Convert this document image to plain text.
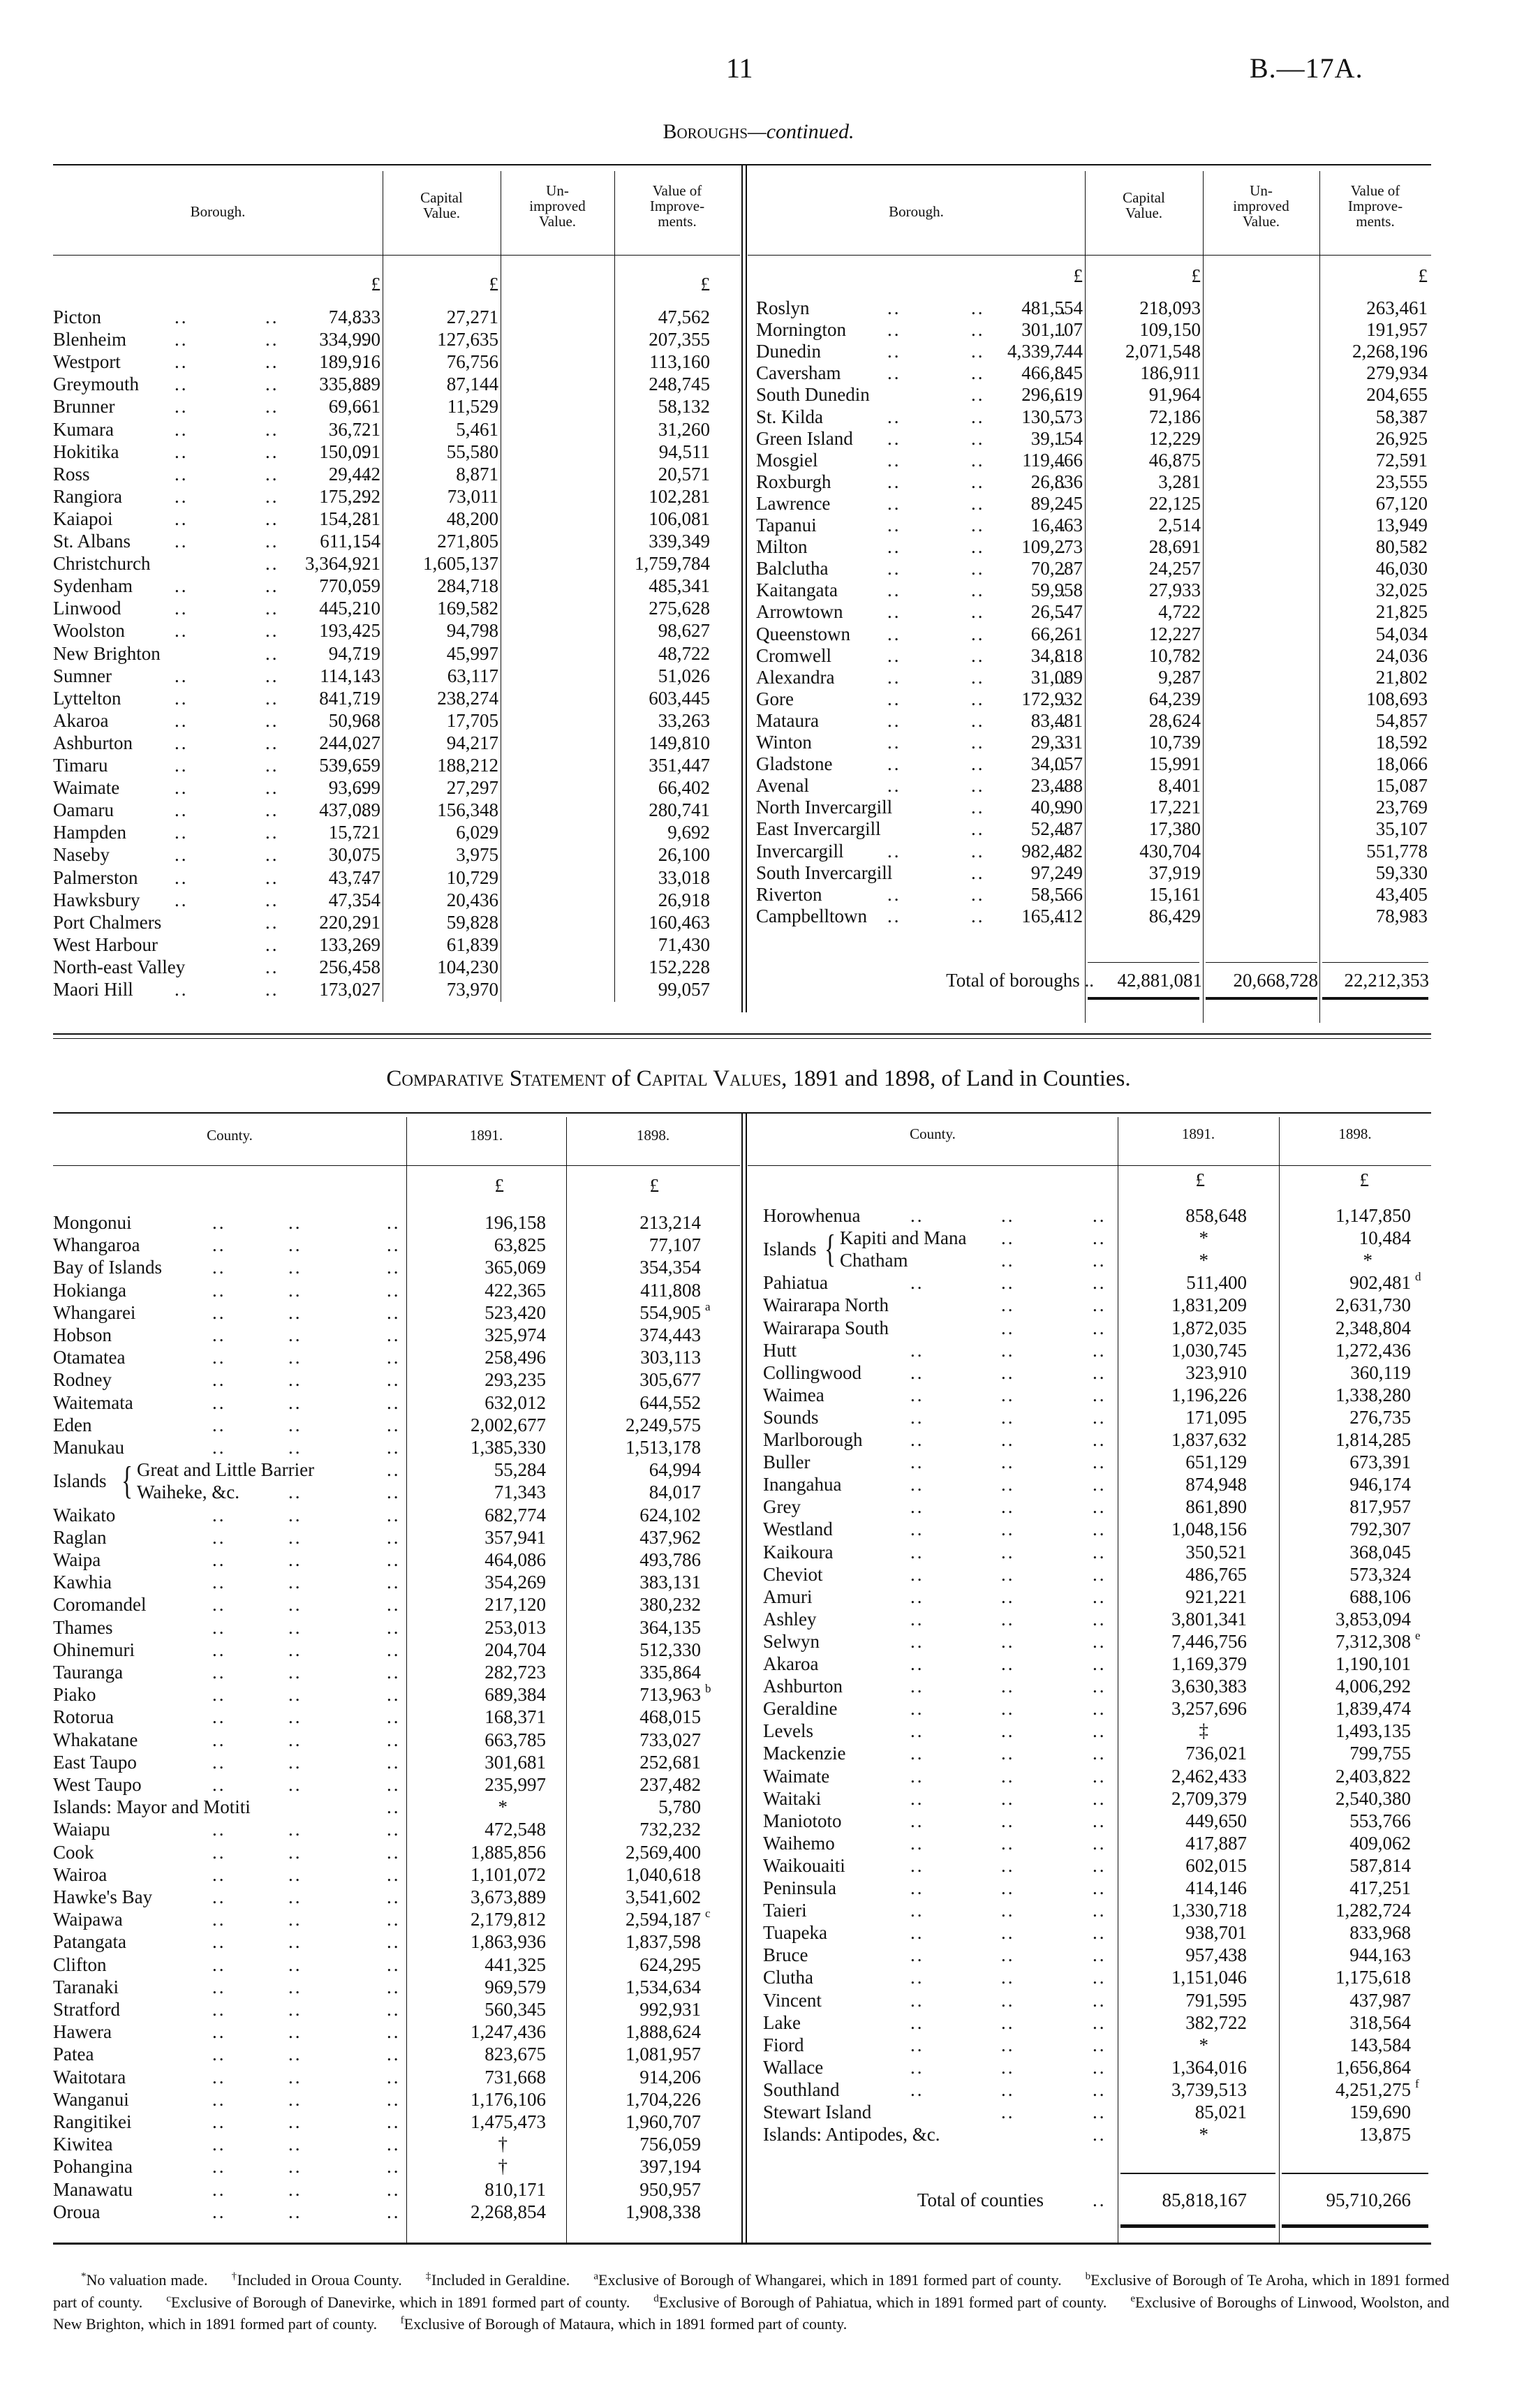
11	B.—17A.
Boroughs—continued.
Borough.
Capital
Value.
Un-
improved
Value.
Value of
Improve-
ments.
Borough.
Capital
Value.
Un-
improved
Value.
Value of
Improve-
ments.
£	£	£
Picton .. .. ..	74,833	27,271	47,562
Blenheim .. .. ..	334,990	127,635	207,355
Westport .. .. ..	189,916	76,756	113,160
Greymouth .. .. ..	335,889	87,144	248,745
Brunner .. .. ..	69,661	11,529	58,132
Kumara .. .. ..	36,721	5,461	31,260
Hokitika .. .. ..	150,091	55,580	94,511
Ross .. .. ..	29,442	8,871	20,571
Rangiora .. .. ..	175,292	73,011	102,281
Kaiapoi .. .. ..	154,281	48,200	106,081
St. Albans .. .. ..	611,154	271,805	339,349
Christchurch .. ..	3,364,921 1,605,137	1,759,784
Sydenham .. .. ..	770,059	284,718	485,341
Linwood .. .. ..	445,210	169,582	275,628
Woolston .. .. ..	193,425	94,798	98,627
New Brighton .. ..	94,719	45,997	48,722
Sumner .. .. ..	114,143	63,117	51,026
Lyttelton .. .. ..	841,719	238,274	603,445
Akaroa .. .. ..	50,968	17,705	33,263
Ashburton .. .. ..	244,027	94,217	149,810
Timaru .. .. ..	539,659	188,212	351,447
Waimate .. .. ..	93,699	27,297	66,402
Oamaru .. .. ..	437,089	156,348	280,741
Hampden .. .. ..	15,721	6,029	9,692
Naseby .. .. ..	30,075	3,975	26,100
Palmerston .. .. ..	43,747	10,729	33,018
Hawksbury .. .. ..	47,354	20,436	26,918
Port Chalmers .. ..	220,291	59,828	160,463
West Harbour .. ..	133,269	61,839	71,430
North-east Valley .. ..	256,458	104,230	152,228
Maori Hill .. .. ..	173,027	73,970	99,057
£	£	£
Roslyn .. .. ..	481,554	218,093	263,461
Mornington .. .. ..	301,107	109,150	191,957
Dunedin .. .. ..	4,339,744 2,071,548	2,268,196
Caversham .. .. ..	466,845	186,911	279,934
South Dunedin .. ..	296,619	91,964	204,655
St. Kilda .. .. ..	130,573	72,186	58,387
Green Island .. .. ..	39,154	12,229	26,925
Mosgiel .. .. ..	119,466	46,875	72,591
Roxburgh .. .. ..	26,836	3,281	23,555
Lawrence .. .. ..	89,245	22,125	67,120
Tapanui .. .. ..	16,463	2,514	13,949
Milton .. .. ..	109,273	28,691	80,582
Balclutha .. .. ..	70,287	24,257	46,030
Kaitangata .. .. ..	59,958	27,933	32,025
Arrowtown .. .. ..	26,547	4,722	21,825
Queenstown .. .. ..	66,261	12,227	54,034
Cromwell .. .. ..	34,818	10,782	24,036
Alexandra .. .. ..	31,089	9,287	21,802
Gore .. .. ..	172,932	64,239	108,693
Mataura .. .. ..	83,481	28,624	54,857
Winton .. .. ..	29,331	10,739	18,592
Gladstone .. .. ..	34,057	15,991	18,066
Avenal .. .. ..	23,488	8,401	15,087
North Invercargill .. ..	40,990	17,221	23,769
East Invercargill .. ..	52,487	17,380	35,107
Invercargill .. .. ..	982,482	430,704	551,778
South Invercargill .. ..	97,249	37,919	59,330
Riverton .. .. ..	58,566	15,161	43,405
Campbelltown .. .. ..	165,412	86,429	78,983
Total of boroughs .. 42,881,081 20,668,728 22,212,353
Comparative Statement of Capital Values, 1891 and 1898, of Land in Counties.
County.	1891.	1898.	County.	1891.	1898.
£	£
Mongonui .. .. ..	196,158	213,214
Whangaroa .. .. ..	63,825	77,107
Bay of Islands .. .. ..	365,069	354,354
Hokianga .. .. ..	422,365	411,808
Whangarei .. .. ..	523,420	554,905 a
Hobson .. .. ..	325,974	374,443
Otamatea .. .. ..	258,496	303,113
Rodney .. .. ..	293,235	305,677
Waitemata .. .. ..	632,012	644,552
Eden .. .. ..	2,002,677	2,249,575
Manukau .. .. ..	1,385,330	1,513,178
Islands { Great and Little Barrier ..	55,284	64,994
Waiheke, &c. .. ..	71,343	84,017
Waikato .. .. ..	682,774	624,102
Raglan .. .. ..	357,941	437,962
Waipa .. .. ..	464,086	493,786
Kawhia .. .. ..	354,269	383,131
Coromandel .. .. ..	217,120	380,232
Thames .. .. ..	253,013	364,135
Ohinemuri .. .. ..	204,704	512,330
Tauranga .. .. ..	282,723	335,864
Piako .. .. ..	689,384	713,963 b
Rotorua .. .. ..	168,371	468,015
Whakatane .. .. ..	663,785	733,027
East Taupo .. .. ..	301,681	252,681
West Taupo .. .. ..	235,997	237,482
Islands: Mayor and Motiti ..	*	5,780
Waiapu .. .. ..	472,548	732,232
Cook .. .. ..	1,885,856	2,569,400
Wairoa .. .. ..	1,101,072	1,040,618
Hawke's Bay .. .. ..	3,673,889	3,541,602
Waipawa .. .. ..	2,179,812	2,594,187 c
Patangata .. .. ..	1,863,936	1,837,598
Clifton .. .. ..	441,325	624,295
Taranaki .. .. ..	969,579	1,534,634
Stratford .. .. ..	560,345	992,931
Hawera .. .. ..	1,247,436	1,888,624
Patea .. .. ..	823,675	1,081,957
Waitotara .. .. ..	731,668	914,206
Wanganui .. .. ..	1,176,106	1,704,226
Rangitikei .. .. ..	1,475,473	1,960,707
Kiwitea .. .. ..	†	756,059
Pohangina .. .. ..	†	397,194
Manawatu .. .. ..	810,171	950,957
Oroua .. .. ..	2,268,854	1,908,338
£	£
Horowhenua .. .. ..	858,648	1,147,850
Islands { Kapiti and Mana .. ..	*	10,484
Chatham .. ..	*	*
Pahiatua .. .. ..	511,400	902,481 d
Wairarapa North .. ..	1,831,209	2,631,730
Wairarapa South .. ..	1,872,035	2,348,804
Hutt .. .. ..	1,030,745	1,272,436
Collingwood .. .. ..	323,910	360,119
Waimea .. .. ..	1,196,226	1,338,280
Sounds .. .. ..	171,095	276,735
Marlborough .. .. ..	1,837,632	1,814,285
Buller .. .. ..	651,129	673,391
Inangahua .. .. ..	874,948	946,174
Grey .. .. ..	861,890	817,957
Westland .. .. ..	1,048,156	792,307
Kaikoura .. .. ..	350,521	368,045
Cheviot .. .. ..	486,765	573,324
Amuri .. .. ..	921,221	688,106
Ashley .. .. ..	3,801,341	3,853,094
Selwyn .. .. ..	7,446,756	7,312,308 e
Akaroa .. .. ..	1,169,379	1,190,101
Ashburton .. .. ..	3,630,383	4,006,292
Geraldine .. .. ..	3,257,696	1,839,474
Levels .. .. ..	‡	1,493,135
Mackenzie .. .. ..	736,021	799,755
Waimate .. .. ..	2,462,433	2,403,822
Waitaki .. .. ..	2,709,379	2,540,380
Maniototo .. .. ..	449,650	553,766
Waihemo .. .. ..	417,887	409,062
Waikouaiti .. .. ..	602,015	587,814
Peninsula .. .. ..	414,146	417,251
Taieri .. .. ..	1,330,718	1,282,724
Tuapeka .. .. ..	938,701	833,968
Bruce .. .. ..	957,438	944,163
Clutha .. .. ..	1,151,046	1,175,618
Vincent .. .. ..	791,595	437,987
Lake .. .. ..	382,722	318,564
Fiord .. .. ..	*	143,584
Wallace .. .. ..	1,364,016	1,656,864
Southland .. .. ..	3,739,513	4,251,275 f
Stewart Island .. ..	85,021	159,690
Islands: Antipodes, &c. ..	*	13,875
Total of counties ..	85,818,167	95,710,266
*No valuation made. †Included in Oroua County. ‡Included in Geraldine. $^a$Exclusive of Borough of Whangarei, which in 1891 formed part of county. $^b$Exclusive of Borough of Te Aroha, which in 1891 formed part of county. $^c$Exclusive of Borough of Danevirke, which in 1891 formed part of county. $^d$Exclusive of Borough of Pahiatua, which in 1891 formed part of county. $^e$Exclusive of Boroughs of Linwood, Woolston, and New Brighton, which in 1891 formed part of county. $^f$Exclusive of Borough of Mataura, which in 1891 formed part of county.
